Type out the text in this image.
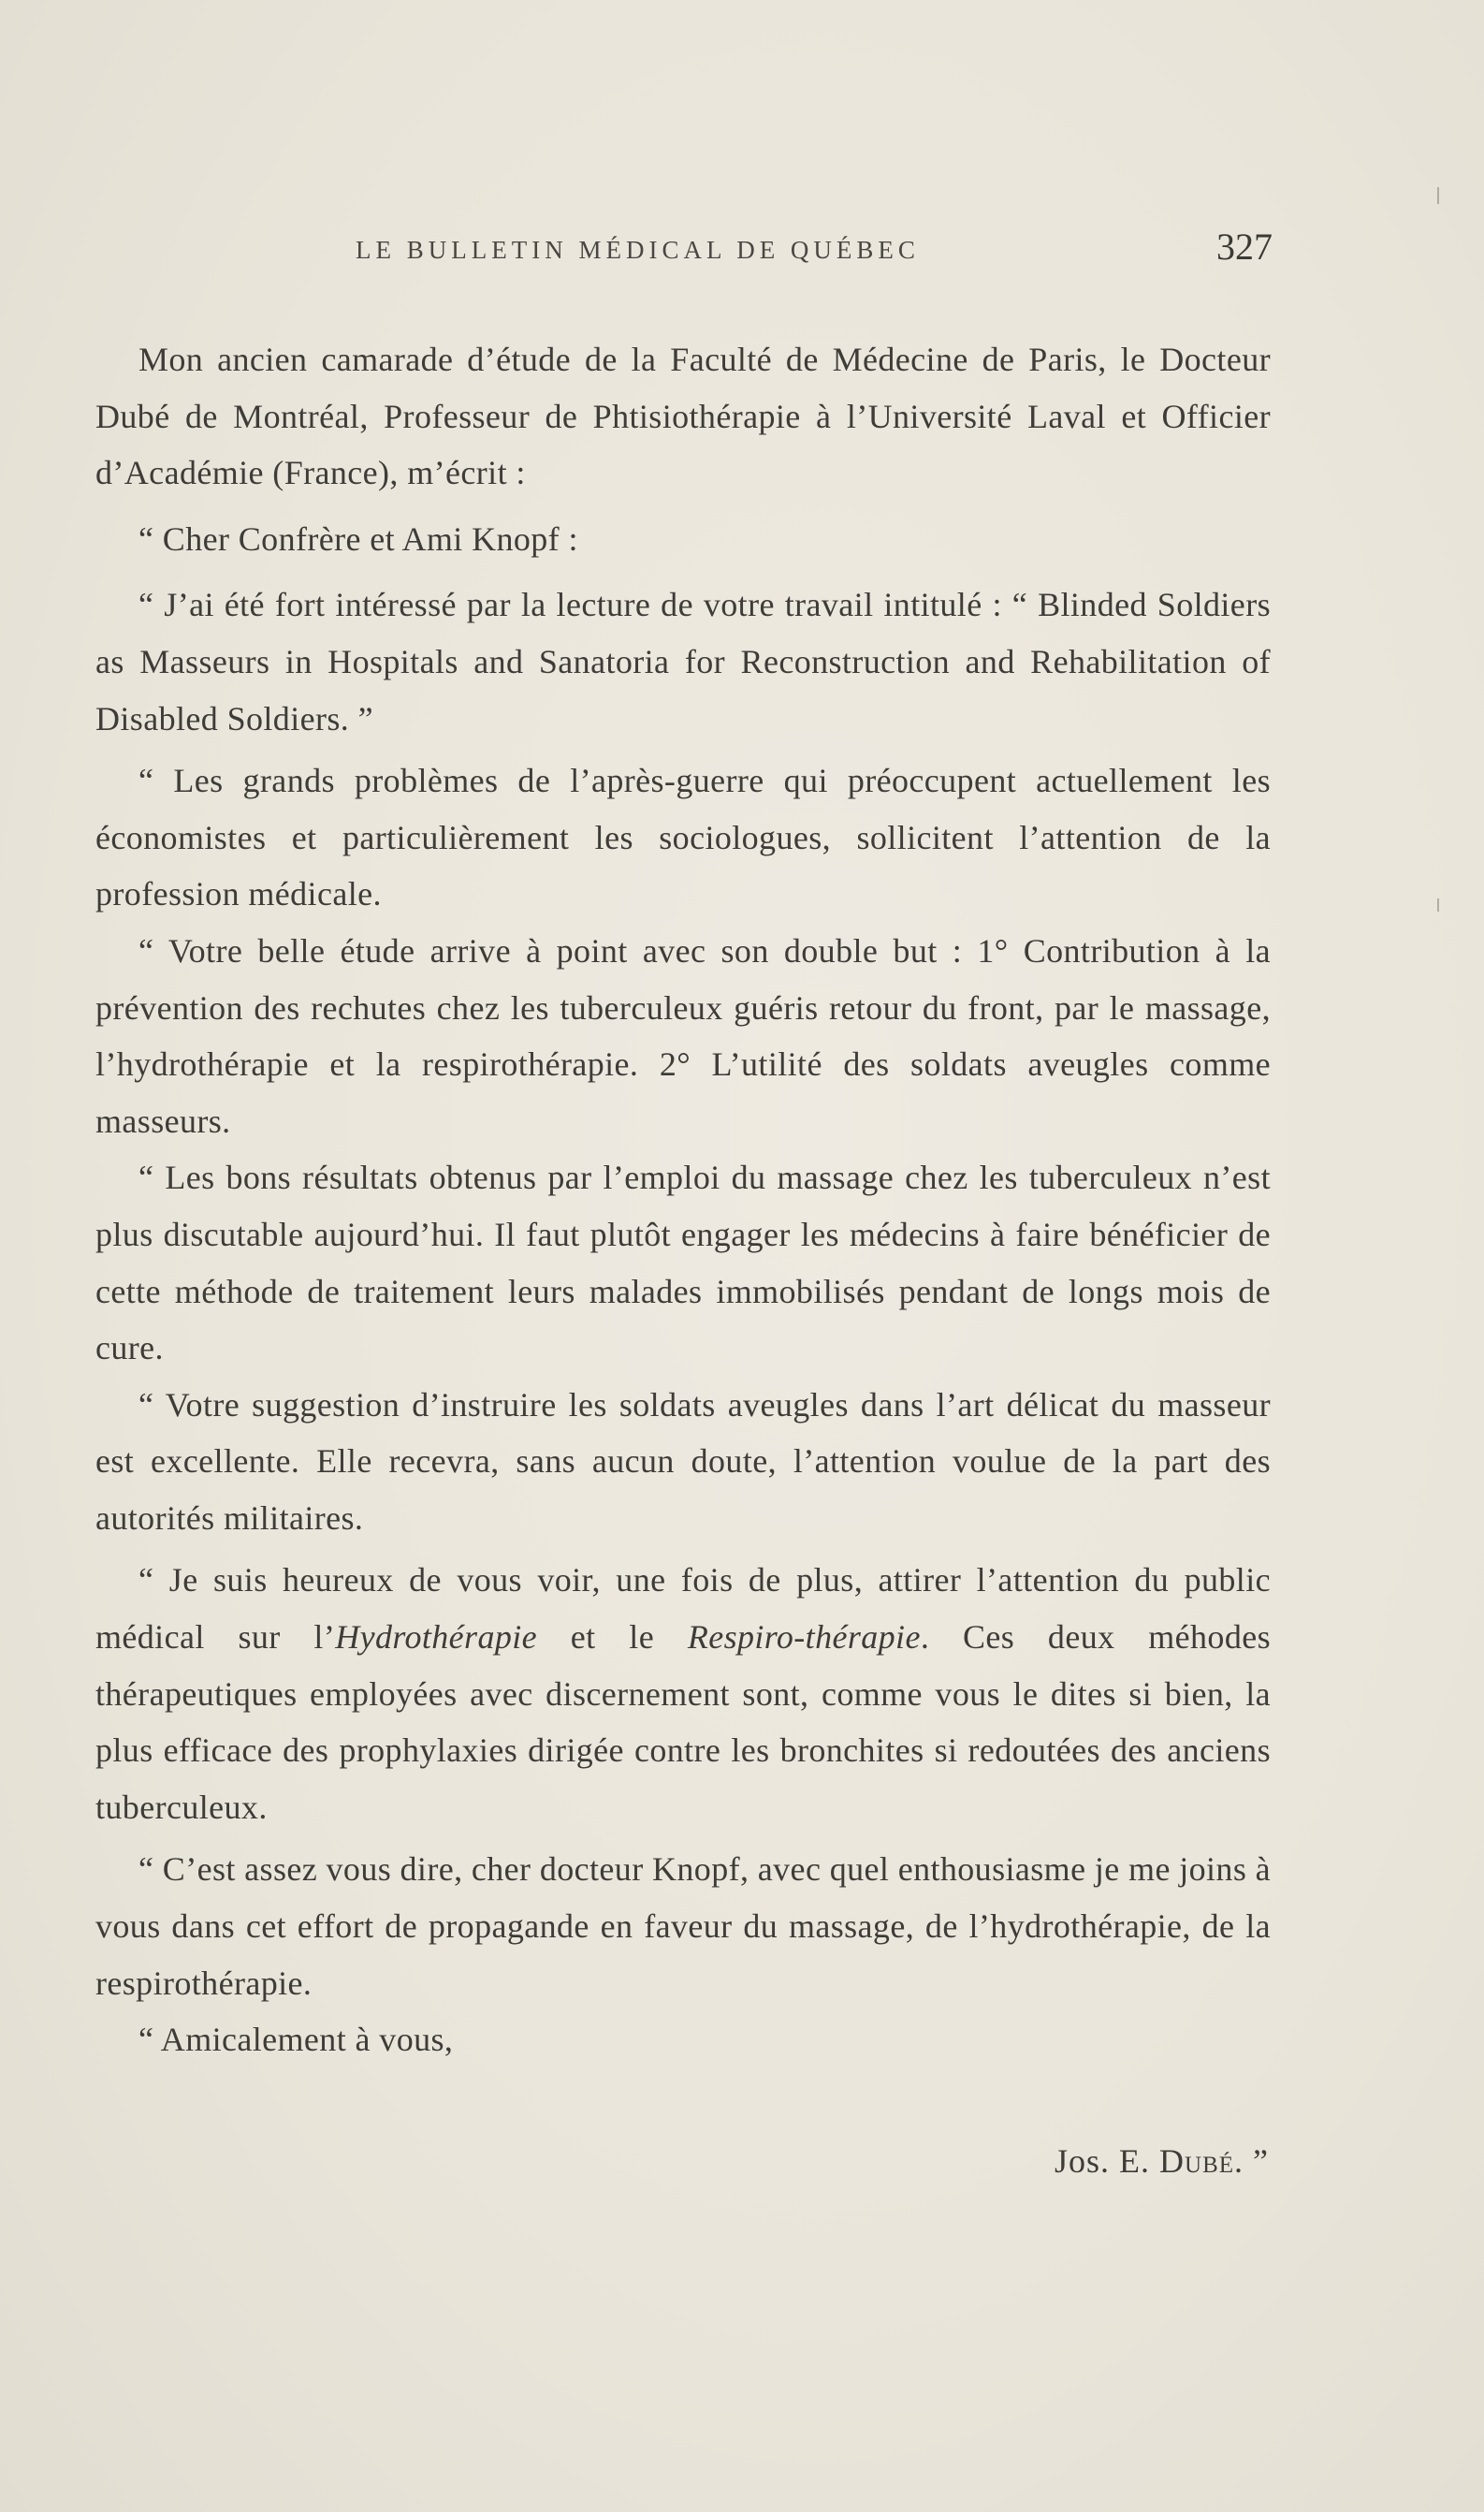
LE BULLETIN MÉDICAL DE QUÉBEC	327

Mon ancien camarade d’étude de la Faculté de Médecine de Paris, le Docteur Dubé de Montréal, Professeur de Phtisiothérapie à l’Université Laval et Officier d’Académie (France), m’écrit :

“ Cher Confrère et Ami Knopf :

“ J’ai été fort intéressé par la lecture de votre travail intitulé : “ Blinded Soldiers as Masseurs in Hospitals and Sanatoria for Reconstruction and Rehabilitation of Disabled Soldiers. ”

“ Les grands problèmes de l’après-guerre qui préoccupent actuellement les économistes et particulièrement les sociologues, sollicitent l’attention de la profession médicale.

“ Votre belle étude arrive à point avec son double but : 1° Contribution à la prévention des rechutes chez les tuberculeux guéris retour du front, par le massage, l’hydrothérapie et la respirothérapie. 2° L’utilité des soldats aveugles comme masseurs.

“ Les bons résultats obtenus par l’emploi du massage chez les tuberculeux n’est plus discutable aujourd’hui. Il faut plutôt engager les médecins à faire bénéficier de cette méthode de traitement leurs malades immobilisés pendant de longs mois de cure.

“ Votre suggestion d’instruire les soldats aveugles dans l’art délicat du masseur est excellente. Elle recevra, sans aucun doute, l’attention voulue de la part des autorités militaires.

“ Je suis heureux de vous voir, une fois de plus, attirer l’attention du public médical sur l’Hydrothérapie et le Respiro-thérapie. Ces deux méhodes thérapeutiques employées avec discernement sont, comme vous le dites si bien, la plus efficace des prophylaxies dirigée contre les bronchites si redoutées des anciens tuberculeux.

“ C’est assez vous dire, cher docteur Knopf, avec quel enthousiasme je me joins à vous dans cet effort de propagande en faveur du massage, de l’hydrothérapie, de la respirothérapie.

“ Amicalement à vous,

Jos. E. Dubé. ”
